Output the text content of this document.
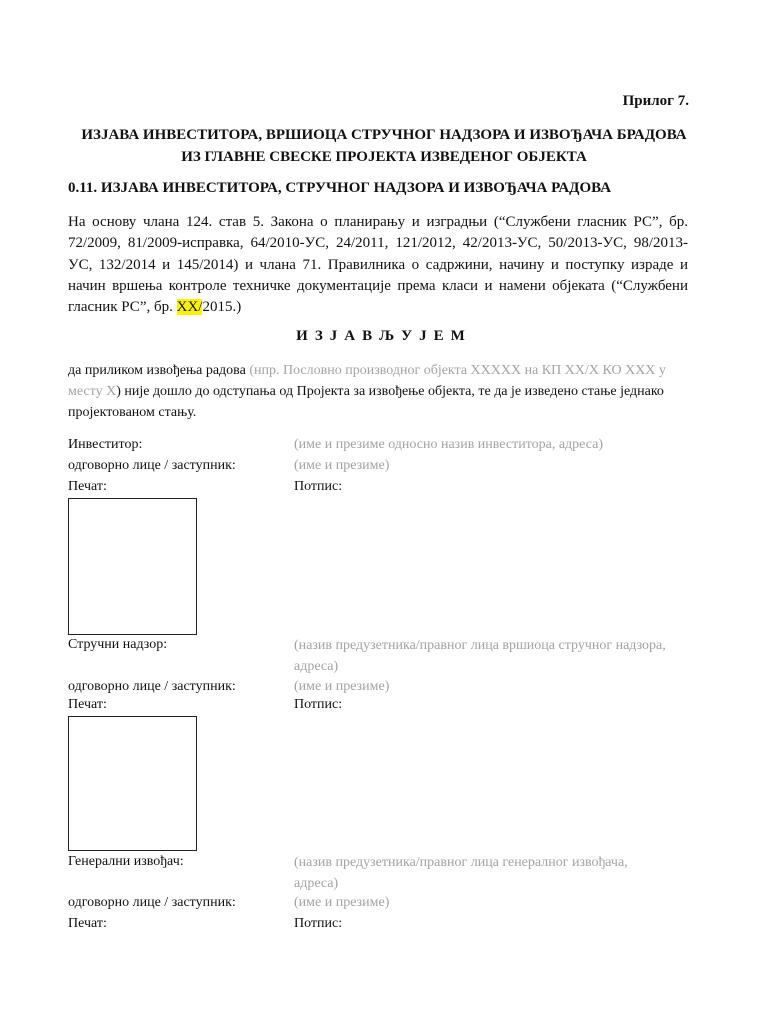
Прилог 7.
ИЗЈАВА ИНВЕСТИТОРА, ВРШИОЦА СТРУЧНОГ НАДЗОРА И ИЗВОЂАЧА БРАДОВА
ИЗ ГЛАВНЕ СВЕСКЕ ПРОЈЕКТА ИЗВЕДЕНОГ ОБЈЕКТА
0.11. ИЗЈАВА ИНВЕСТИТОРА, СТРУЧНОГ НАДЗОРА И ИЗВОЂАЧА РАДОВА
На основу члана 124. став 5. Закона о планирању и изградњи (“Службени гласник РС”, бр. 72/2009, 81/2009-исправка, 64/2010-УС, 24/2011, 121/2012, 42/2013-УС, 50/2013-УС, 98/2013-УС, 132/2014 и 145/2014) и члана 71. Правилника о садржини, начину и поступку израде и начин вршења контроле техничке документације према класи и намени објеката (“Службени гласник РС”, бр. XX/2015.)
ИЗЈАВЉУЈЕМ
да приликом извођења радова (нпр. Пословно производног објекта XXXXX на КП XX/X КО XXX у месту X) није дошло до одступања од Пројекта за извођење објекта, те да је изведено стање једнако пројектованом стању.
Инвеститор:	(име и презиме односно назив инвеститора, адреса)
одговорно лице / заступник:	(име и презиме)
Печат:	Потпис:
Стручни надзор:	(назив предузетника/правног лица вршиоца стручног надзора, адреса)
одговорно лице / заступник:	(име и презиме)
Печат:	Потпис:
Генерални извођач:	(назив предузетника/правног лица генералног извођача, адреса)
одговорно лице / заступник:	(име и презиме)
Печат:	Потпис:
